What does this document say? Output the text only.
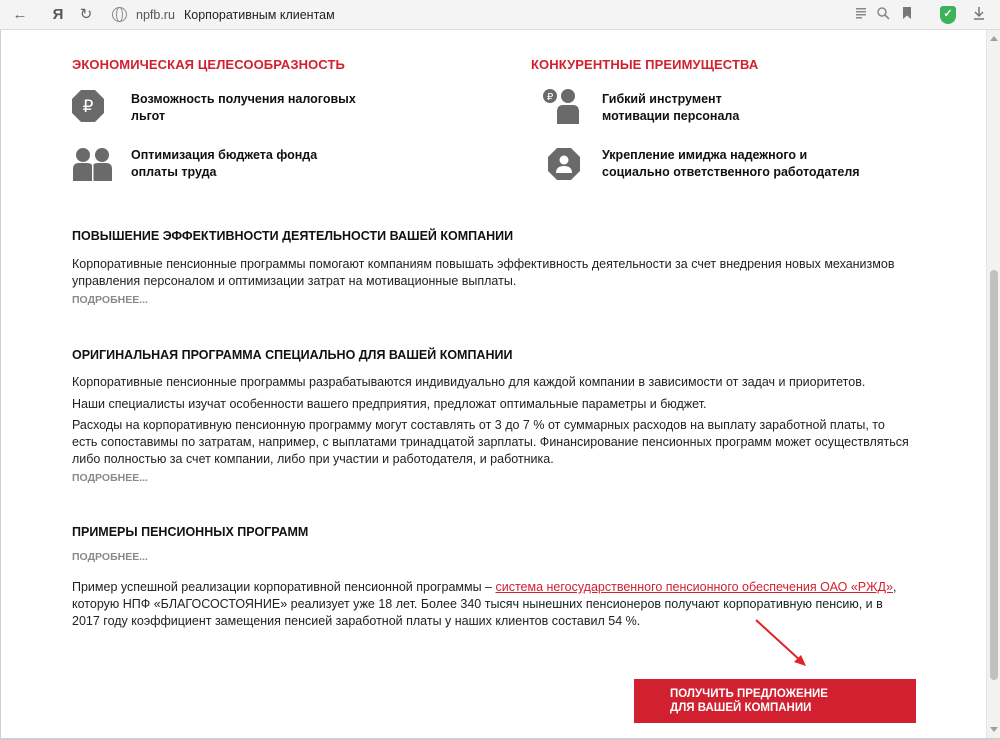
←	Я	↻	npfb.ru Корпоративным клиентам	✓
ЭКОНОМИЧЕСКАЯ ЦЕЛЕСООБРАЗНОСТЬ	КОНКУРЕНТНЫЕ ПРЕИМУЩЕСТВА
₽	Возможность получения налоговых
льгот
Оптимизация бюджета фонда
оплаты труда
₽	Гибкий инструмент
мотивации персонала
Укрепление имиджа надежного и
социально ответственного работодателя
ПОВЫШЕНИЕ ЭФФЕКТИВНОСТИ ДЕЯТЕЛЬНОСТИ ВАШЕЙ КОМПАНИИ
Корпоративные пенсионные программы помогают компаниям повышать эффективность деятельности за счет внедрения новых механизмов управления персоналом и оптимизации затрат на мотивационные выплаты.
ПОДРОБНЕЕ...
ОРИГИНАЛЬНАЯ ПРОГРАММА СПЕЦИАЛЬНО ДЛЯ ВАШЕЙ КОМПАНИИ
Корпоративные пенсионные программы разрабатываются индивидуально для каждой компании в зависимости от задач и приоритетов.
Наши специалисты изучат особенности вашего предприятия, предложат оптимальные параметры и бюджет.
Расходы на корпоративную пенсионную программу могут составлять от 3 до 7 % от суммарных расходов на выплату заработной платы, то есть сопоставимы по затратам, например, с выплатами тринадцатой зарплаты. Финансирование пенсионных программ может осуществляться либо полностью за счет компании, либо при участии и работодателя, и работника.
ПОДРОБНЕЕ...
ПРИМЕРЫ ПЕНСИОННЫХ ПРОГРАММ
ПОДРОБНЕЕ...
Пример успешной реализации корпоративной пенсионной программы – система негосударственного пенсионного обеспечения ОАО «РЖД», которую НПФ «БЛАГОСОСТОЯНИЕ» реализует уже 18 лет. Более 340 тысяч нынешних пенсионеров получают корпоративную пенсию, и в 2017 году коэффициент замещения пенсией заработной платы у наших клиентов составил 54 %.
ПОЛУЧИТЬ ПРЕДЛОЖЕНИЕ
ДЛЯ ВАШЕЙ КОМПАНИИ
